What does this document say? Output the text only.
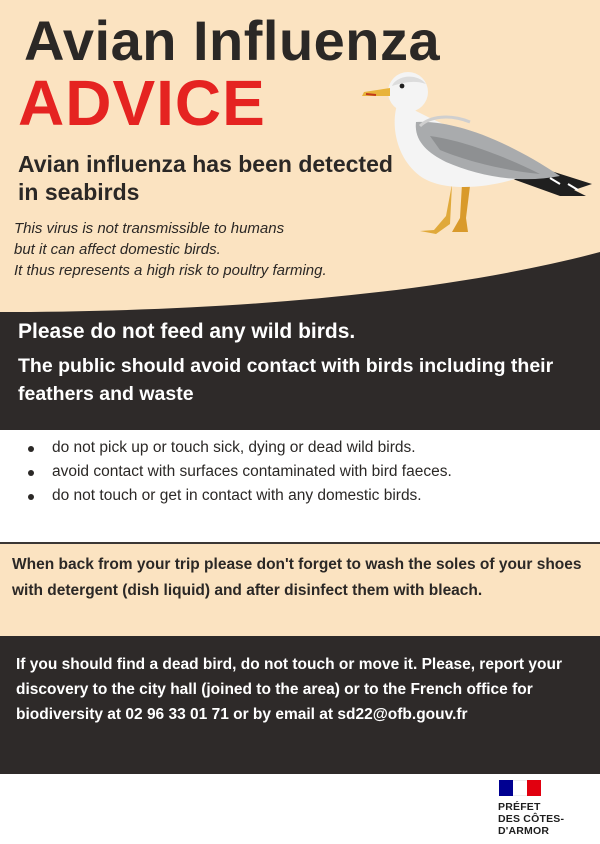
Avian Influenza
ADVICE
Avian influenza has been detected in seabirds
This virus is not transmissible to humans
but it can affect domestic birds.
It thus represents a high risk to poultry farming.
Please do not feed any wild birds.
The public should avoid contact with birds including their feathers and waste
do not pick up or touch sick, dying or dead wild birds.
avoid contact with surfaces contaminated with bird faeces.
do not touch or get in contact with any domestic birds.

When back from your trip please don't forget to wash the soles of your shoes with detergent (dish liquid) and after disinfect them with bleach.

If you should find a dead bird, do not touch or move it. Please, report your discovery to the city hall (joined to the area) or to the French office for biodiversity at 02 96 33 01 71 or by email at sd22@ofb.gouv.fr

PRÉFET
DES CÔTES-
D'ARMOR
